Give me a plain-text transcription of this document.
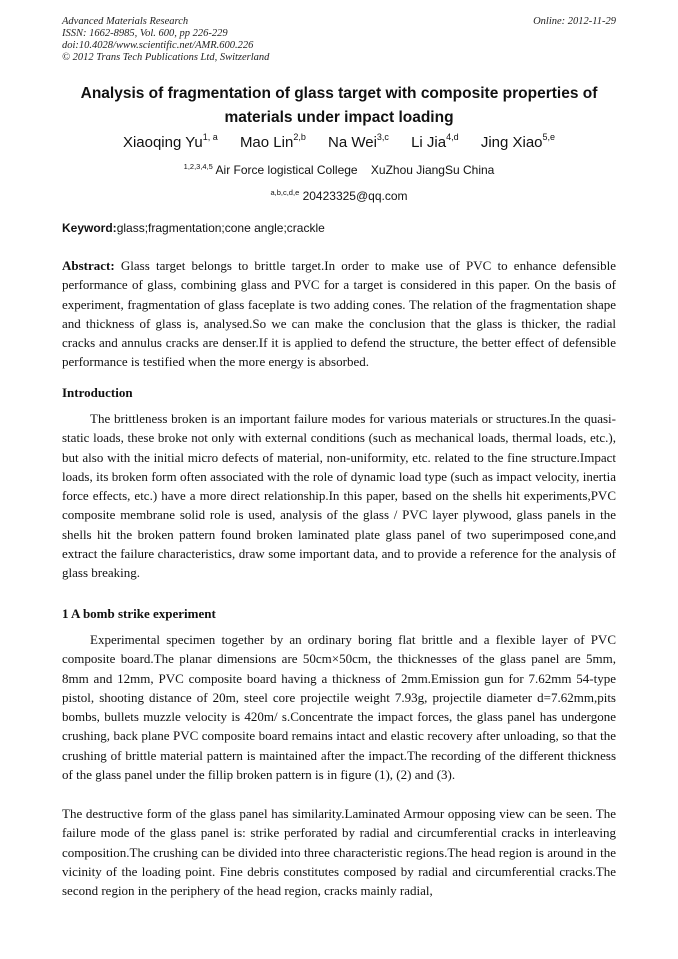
Advanced Materials Research
ISSN: 1662-8985, Vol. 600, pp 226-229
doi:10.4028/www.scientific.net/AMR.600.226
© 2012 Trans Tech Publications Ltd, Switzerland
Online: 2012-11-29
Analysis of fragmentation of glass target with composite properties of materials under impact loading
Xiaoqing Yu$^{1, a}$ Mao Lin$^{2,b}$ Na Wei$^{3,c}$ Li Jia$^{4,d}$ Jing Xiao$^{5,e}$
$^{1,2,3,4,5}$ Air Force logistical College    XuZhou JiangSu China
$^{a,b,c,d,e}$ 20423325@qq.com
Keyword:glass;fragmentation;cone angle;crackle
Abstract: Glass target belongs to brittle target.In order to make use of PVC to enhance defensible performance of glass, combining glass and PVC for a target is considered in this paper. On the basis of experiment, fragmentation of glass faceplate is two adding cones. The relation of the fragmentation shape and thickness of glass is, analysed.So we can make the conclusion that the glass is thicker, the radial cracks and annulus cracks are denser.If it is applied to defend the structure, the better effect of defensible performance is testified when the more energy is absorbed.
Introduction
The brittleness broken is an important failure modes for various materials or structures.In the quasi-static loads, these broke not only with external conditions (such as mechanical loads, thermal loads, etc.), but also with the initial micro defects of material, non-uniformity, etc. related to the fine structure.Impact loads, its broken form often associated with the role of dynamic load type (such as impact velocity, inertia force effects, etc.) have a more direct relationship.In this paper, based on the shells hit experiments,PVC composite membrane solid role is used, analysis of the glass / PVC layer plywood, glass panels in the shells hit the broken pattern found broken laminated plate glass panel of two superimposed cone,and extract the failure characteristics, draw some important data, and to provide a reference for the analysis of glass breaking.
1 A bomb strike experiment
Experimental specimen together by an ordinary boring flat brittle and a flexible layer of PVC composite board.The planar dimensions are 50cm×50cm, the thicknesses of the glass panel are 5mm, 8mm and 12mm, PVC composite board having a thickness of 2mm.Emission gun for 7.62mm 54-type pistol, shooting distance of 20m, steel core projectile weight 7.93g, projectile diameter d=7.62mm,pits bombs, bullets muzzle velocity is 420m/ s.Concentrate the impact forces, the glass panel has undergone crushing, back plane PVC composite board remains intact and elastic recovery after unloading, so that the crushing of brittle material pattern is maintained after the impact.The recording of the different thickness of the glass panel under the fillip broken pattern is in figure (1), (2) and (3).
The destructive form of the glass panel has similarity.Laminated Armour opposing view can be seen. The failure mode of the glass panel is: strike perforated by radial and circumferential cracks in interleaving composition.The crushing can be divided into three characteristic regions.The head region is around in the vicinity of the loading point. Fine debris constitutes composed by radial and circumferential cracks.The second region in the periphery of the head region, cracks mainly radial,
